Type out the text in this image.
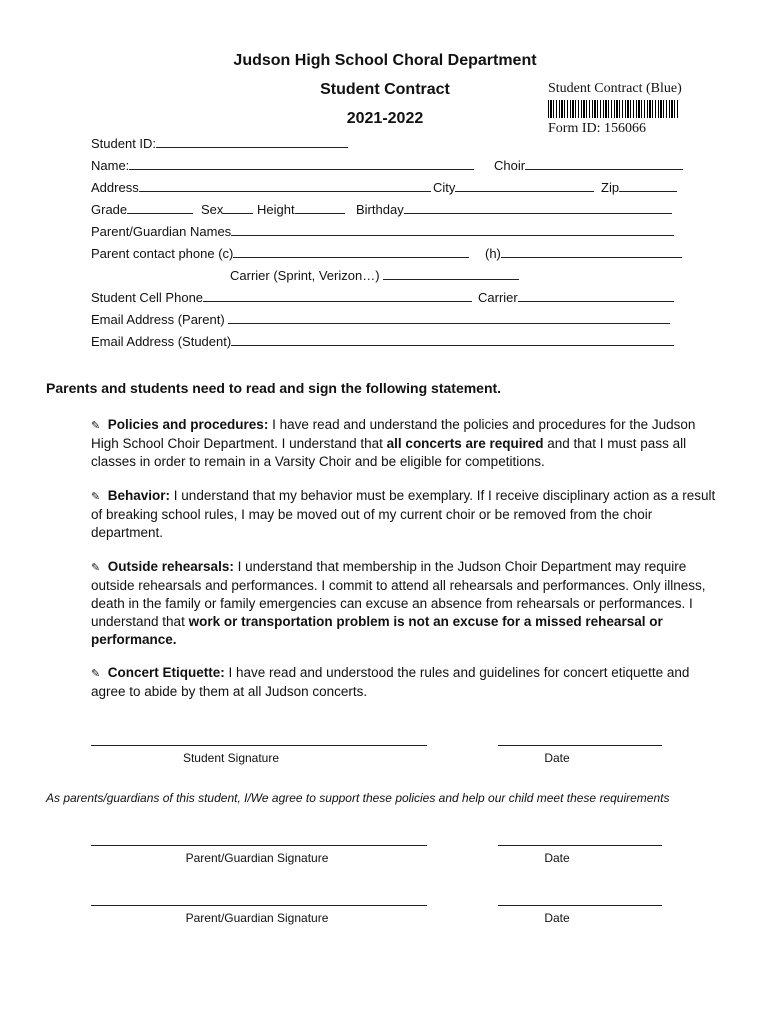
Judson High School Choral Department
Student Contract
2021-2022
Student Contract (Blue)
Form ID: 156066
Student ID:
Name:	Choir
Address	City	Zip
Grade	Sex	Height	Birthday
Parent/Guardian Names
Parent contact phone (c)	(h)
Carrier (Sprint, Verizon…)
Student Cell Phone	Carrier
Email Address (Parent)
Email Address (Student)
Parents and students need to read and sign the following statement.
✎ Policies and procedures: I have read and understand the policies and procedures for the Judson High School Choir Department. I understand that all concerts are required and that I must pass all classes in order to remain in a Varsity Choir and be eligible for competitions.
✎ Behavior: I understand that my behavior must be exemplary. If I receive disciplinary action as a result of breaking school rules, I may be moved out of my current choir or be removed from the choir department.
✎ Outside rehearsals: I understand that membership in the Judson Choir Department may require outside rehearsals and performances. I commit to attend all rehearsals and performances. Only illness, death in the family or family emergencies can excuse an absence from rehearsals or performances. I understand that work or transportation problem is not an excuse for a missed rehearsal or performance.
✎ Concert Etiquette: I have read and understood the rules and guidelines for concert etiquette and agree to abide by them at all Judson concerts.
Student Signature	Date
As parents/guardians of this student, I/We agree to support these policies and help our child meet these requirements
Parent/Guardian Signature	Date
Parent/Guardian Signature	Date
